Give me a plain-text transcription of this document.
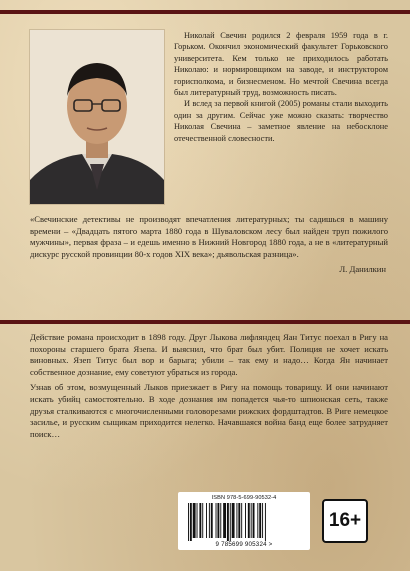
Николай Свечин родился 2 февраля 1959 года в г. Горьком. Окончил экономический факультет Горьковского университета. Кем только не приходилось работать Николаю: и нормировщиком на заводе, и инструктором горисполкома, и бизнесменом. Но мечтой Свечина всегда был литературный труд, возможность писать.

И вслед за первой книгой (2005) романы стали выходить один за другим. Сейчас уже можно сказать: творчество Николая Свечина – заметное явление на небосклоне отечественной словесности.

«Свечинские детективы не производят впечатления литературных; ты садишься в машину времени – «Двадцать пятого марта 1880 года в Шуваловском лесу был найден труп пожилого мужчины», первая фраза – и едешь именно в Нижний Новгород 1880 года, а не в «литературный дискурс русской провинции 80-х годов XIX века»; дьявольская разница».

Л. Данилкин

Действие романа происходит в 1898 году. Друг Лыкова лифляндец Яан Титус поехал в Ригу на похороны старшего брата Язепа. И выяснил, что брат был убит. Полиция не хочет искать виновных. Язеп Титус был вор и барыга; убили – так ему и надо… Когда Ян начинает собственное дознание, ему советуют убраться из города.

Узнав об этом, возмущенный Лыков приезжает в Ригу на помощь товарищу. И они начинают искать убийц самостоятельно. В ходе дознания им попадется чья-то шпионская сеть, также друзья сталкиваются с многочисленными головорезами рижских фордштадтов. В Риге немецкое засилье, и русским сыщикам приходится нелегко. Начавшаяся война банд еще более затрудняет поиск…

ISBN 978-5-699-90532-4
9 785699 905324 >
16+
